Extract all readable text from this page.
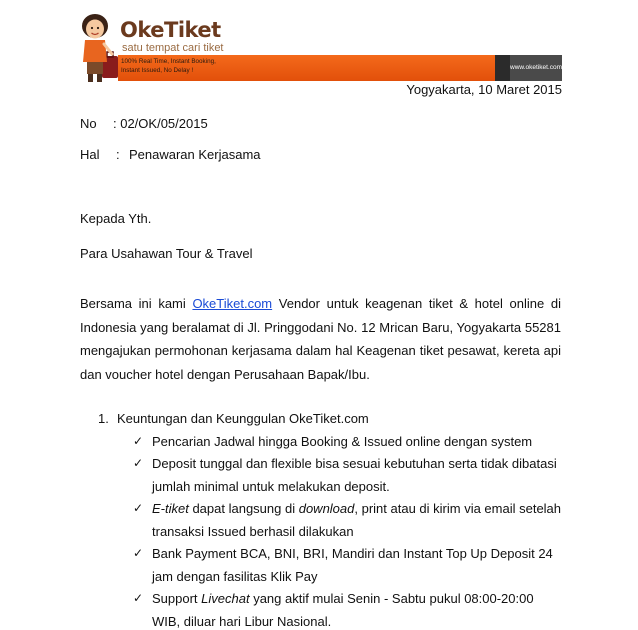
OkeTiket
satu tempat cari tiket
100% Real Time, Instant Booking,
Instant Issued, No Delay !	www.oketiket.com
Yogyakarta, 10 Maret 2015
No : 02/OK/05/2015
Hal : Penawaran Kerjasama
Kepada Yth.
Para Usahawan Tour & Travel
Bersama ini kami OkeTiket.com Vendor untuk keagenan tiket & hotel online di Indonesia yang beralamat di Jl. Pringgodani No. 12 Mrican Baru, Yogyakarta 55281 mengajukan permohonan kerjasama dalam hal Keagenan tiket pesawat, kereta api dan voucher hotel dengan Perusahaan Bapak/Ibu.
1. Keuntungan dan Keunggulan OkeTiket.com
✓ Pencarian Jadwal hingga Booking & Issued online dengan system
✓ Deposit tunggal dan flexible bisa sesuai kebutuhan serta tidak dibatasi
jumlah minimal untuk melakukan deposit.
✓ E-tiket dapat langsung di download, print atau di kirim via email setelah
transaksi Issued berhasil dilakukan
✓ Bank Payment BCA, BNI, BRI, Mandiri dan Instant Top Up Deposit 24
jam dengan fasilitas Klik Pay
✓ Support Livechat yang aktif mulai Senin - Sabtu pukul 08:00-20:00
WIB, diluar hari Libur Nasional.
